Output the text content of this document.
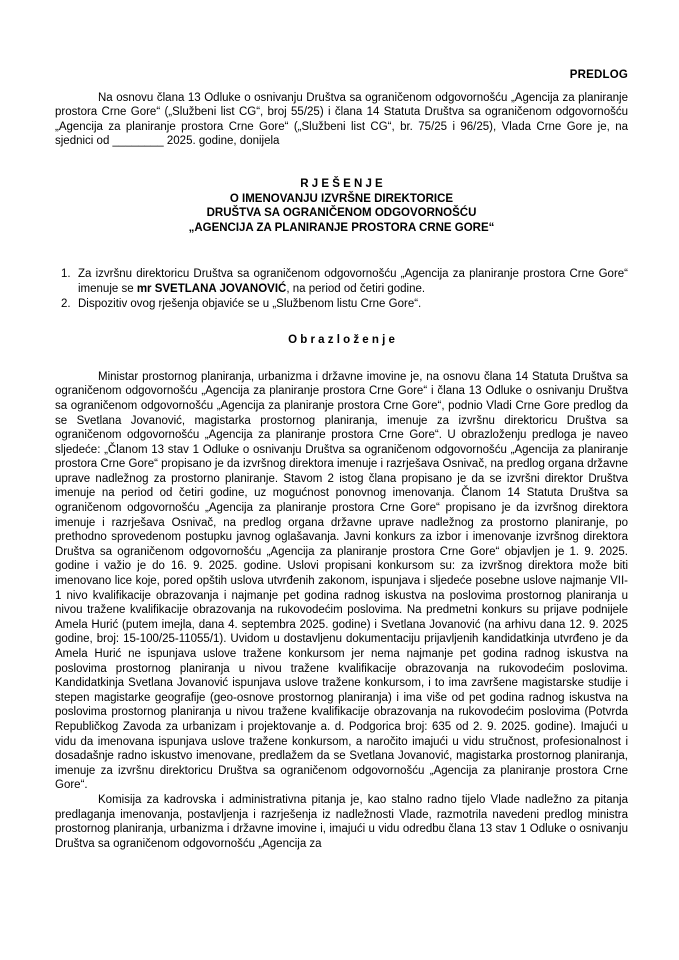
PREDLOG

Na osnovu člana 13 Odluke o osnivanju Društva sa ograničenom odgovornošću „Agencija za planiranje prostora Crne Gore“ („Službeni list CG“, broj 55/25) i člana 14 Statuta Društva sa ograničenom odgovornošću „Agencija za planiranje prostora Crne Gore“ („Službeni list CG“, br. 75/25 i 96/25), Vlada Crne Gore je, na sjednici od ________ 2025. godine, donijela

R J E Š E N J E
O IMENOVANJU IZVRŠNE DIREKTORICE
DRUŠTVA SA OGRANIČENOM ODGOVORNOŠĆU
„AGENCIJA ZA PLANIRANJE PROSTORA CRNE GORE“
1. Za izvršnu direktoricu Društva sa ograničenom odgovornošću „Agencija za planiranje prostora Crne Gore“ imenuje se mr SVETLANA JOVANOVIĆ, na period od četiri godine.
2. Dispozitiv ovog rješenja objaviće se u „Službenom listu Crne Gore“.
O b r a z l o ž e n j e

Ministar prostornog planiranja, urbanizma i državne imovine je, na osnovu člana 14 Statuta Društva sa ograničenom odgovornošću „Agencija za planiranje prostora Crne Gore“ i člana 13 Odluke o osnivanju Društva sa ograničenom odgovornošću „Agencija za planiranje prostora Crne Gore“, podnio Vladi Crne Gore predlog da se Svetlana Jovanović, magistarka prostornog planiranja, imenuje za izvršnu direktoricu Društva sa ograničenom odgovornošću „Agencija za planiranje prostora Crne Gore“. U obrazloženju predloga je naveo sljedeće: „Članom 13 stav 1 Odluke o osnivanju Društva sa ograničenom odgovornošću „Agencija za planiranje prostora Crne Gore“ propisano je da izvršnog direktora imenuje i razrješava Osnivač, na predlog organa državne uprave nadležnog za prostorno planiranje. Stavom 2 istog člana propisano je da se izvršni direktor Društva imenuje na period od četiri godine, uz mogućnost ponovnog imenovanja. Članom 14 Statuta Društva sa ograničenom odgovornošću „Agencija za planiranje prostora Crne Gore“ propisano je da izvršnog direktora imenuje i razrješava Osnivač, na predlog organa državne uprave nadležnog za prostorno planiranje, po prethodno sprovedenom postupku javnog oglašavanja. Javni konkurs za izbor i imenovanje izvršnog direktora Društva sa ograničenom odgovornošću „Agencija za planiranje prostora Crne Gore“ objavljen je 1. 9. 2025. godine i važio je do 16. 9. 2025. godine. Uslovi propisani konkursom su: za izvršnog direktora može biti imenovano lice koje, pored opštih uslova utvrđenih zakonom, ispunjava i sljedeće posebne uslove najmanje VII-1 nivo kvalifikacije obrazovanja i najmanje pet godina radnog iskustva na poslovima prostornog planiranja u nivou tražene kvalifikacije obrazovanja na rukovodećim poslovima. Na predmetni konkurs su prijave podnijele Amela Hurić (putem imejla, dana 4. septembra 2025. godine) i Svetlana Jovanović (na arhivu dana 12. 9. 2025 godine, broj: 15-100/25-11055/1). Uvidom u dostavljenu dokumentaciju prijavljenih kandidatkinja utvrđeno je da Amela Hurić ne ispunjava uslove tražene konkursom jer nema najmanje pet godina radnog iskustva na poslovima prostornog planiranja u nivou tražene kvalifikacije obrazovanja na rukovodećim poslovima. Kandidatkinja Svetlana Jovanović ispunjava uslove tražene konkursom, i to ima završene magistarske studije i stepen magistarke geografije (geo-osnove prostornog planiranja) i ima više od pet godina radnog iskustva na poslovima prostornog planiranja u nivou tražene kvalifikacije obrazovanja na rukovodećim poslovima (Potvrda Republičkog Zavoda za urbanizam i projektovanje a. d. Podgorica broj: 635 od 2. 9. 2025. godine). Imajući u vidu da imenovana ispunjava uslove tražene konkursom, a naročito imajući u vidu stručnost, profesionalnost i dosadašnje radno iskustvo imenovane, predlažem da se Svetlana Jovanović, magistarka prostornog planiranja, imenuje za izvršnu direktoricu Društva sa ograničenom odgovornošću „Agencija za planiranje prostora Crne Gore“.

Komisija za kadrovska i administrativna pitanja je, kao stalno radno tijelo Vlade nadležno za pitanja predlaganja imenovanja, postavljenja i razrješenja iz nadležnosti Vlade, razmotrila navedeni predlog ministra prostornog planiranja, urbanizma i državne imovine i, imajući u vidu odredbu člana 13 stav 1 Odluke o osnivanju Društva sa ograničenom odgovornošću „Agencija za
